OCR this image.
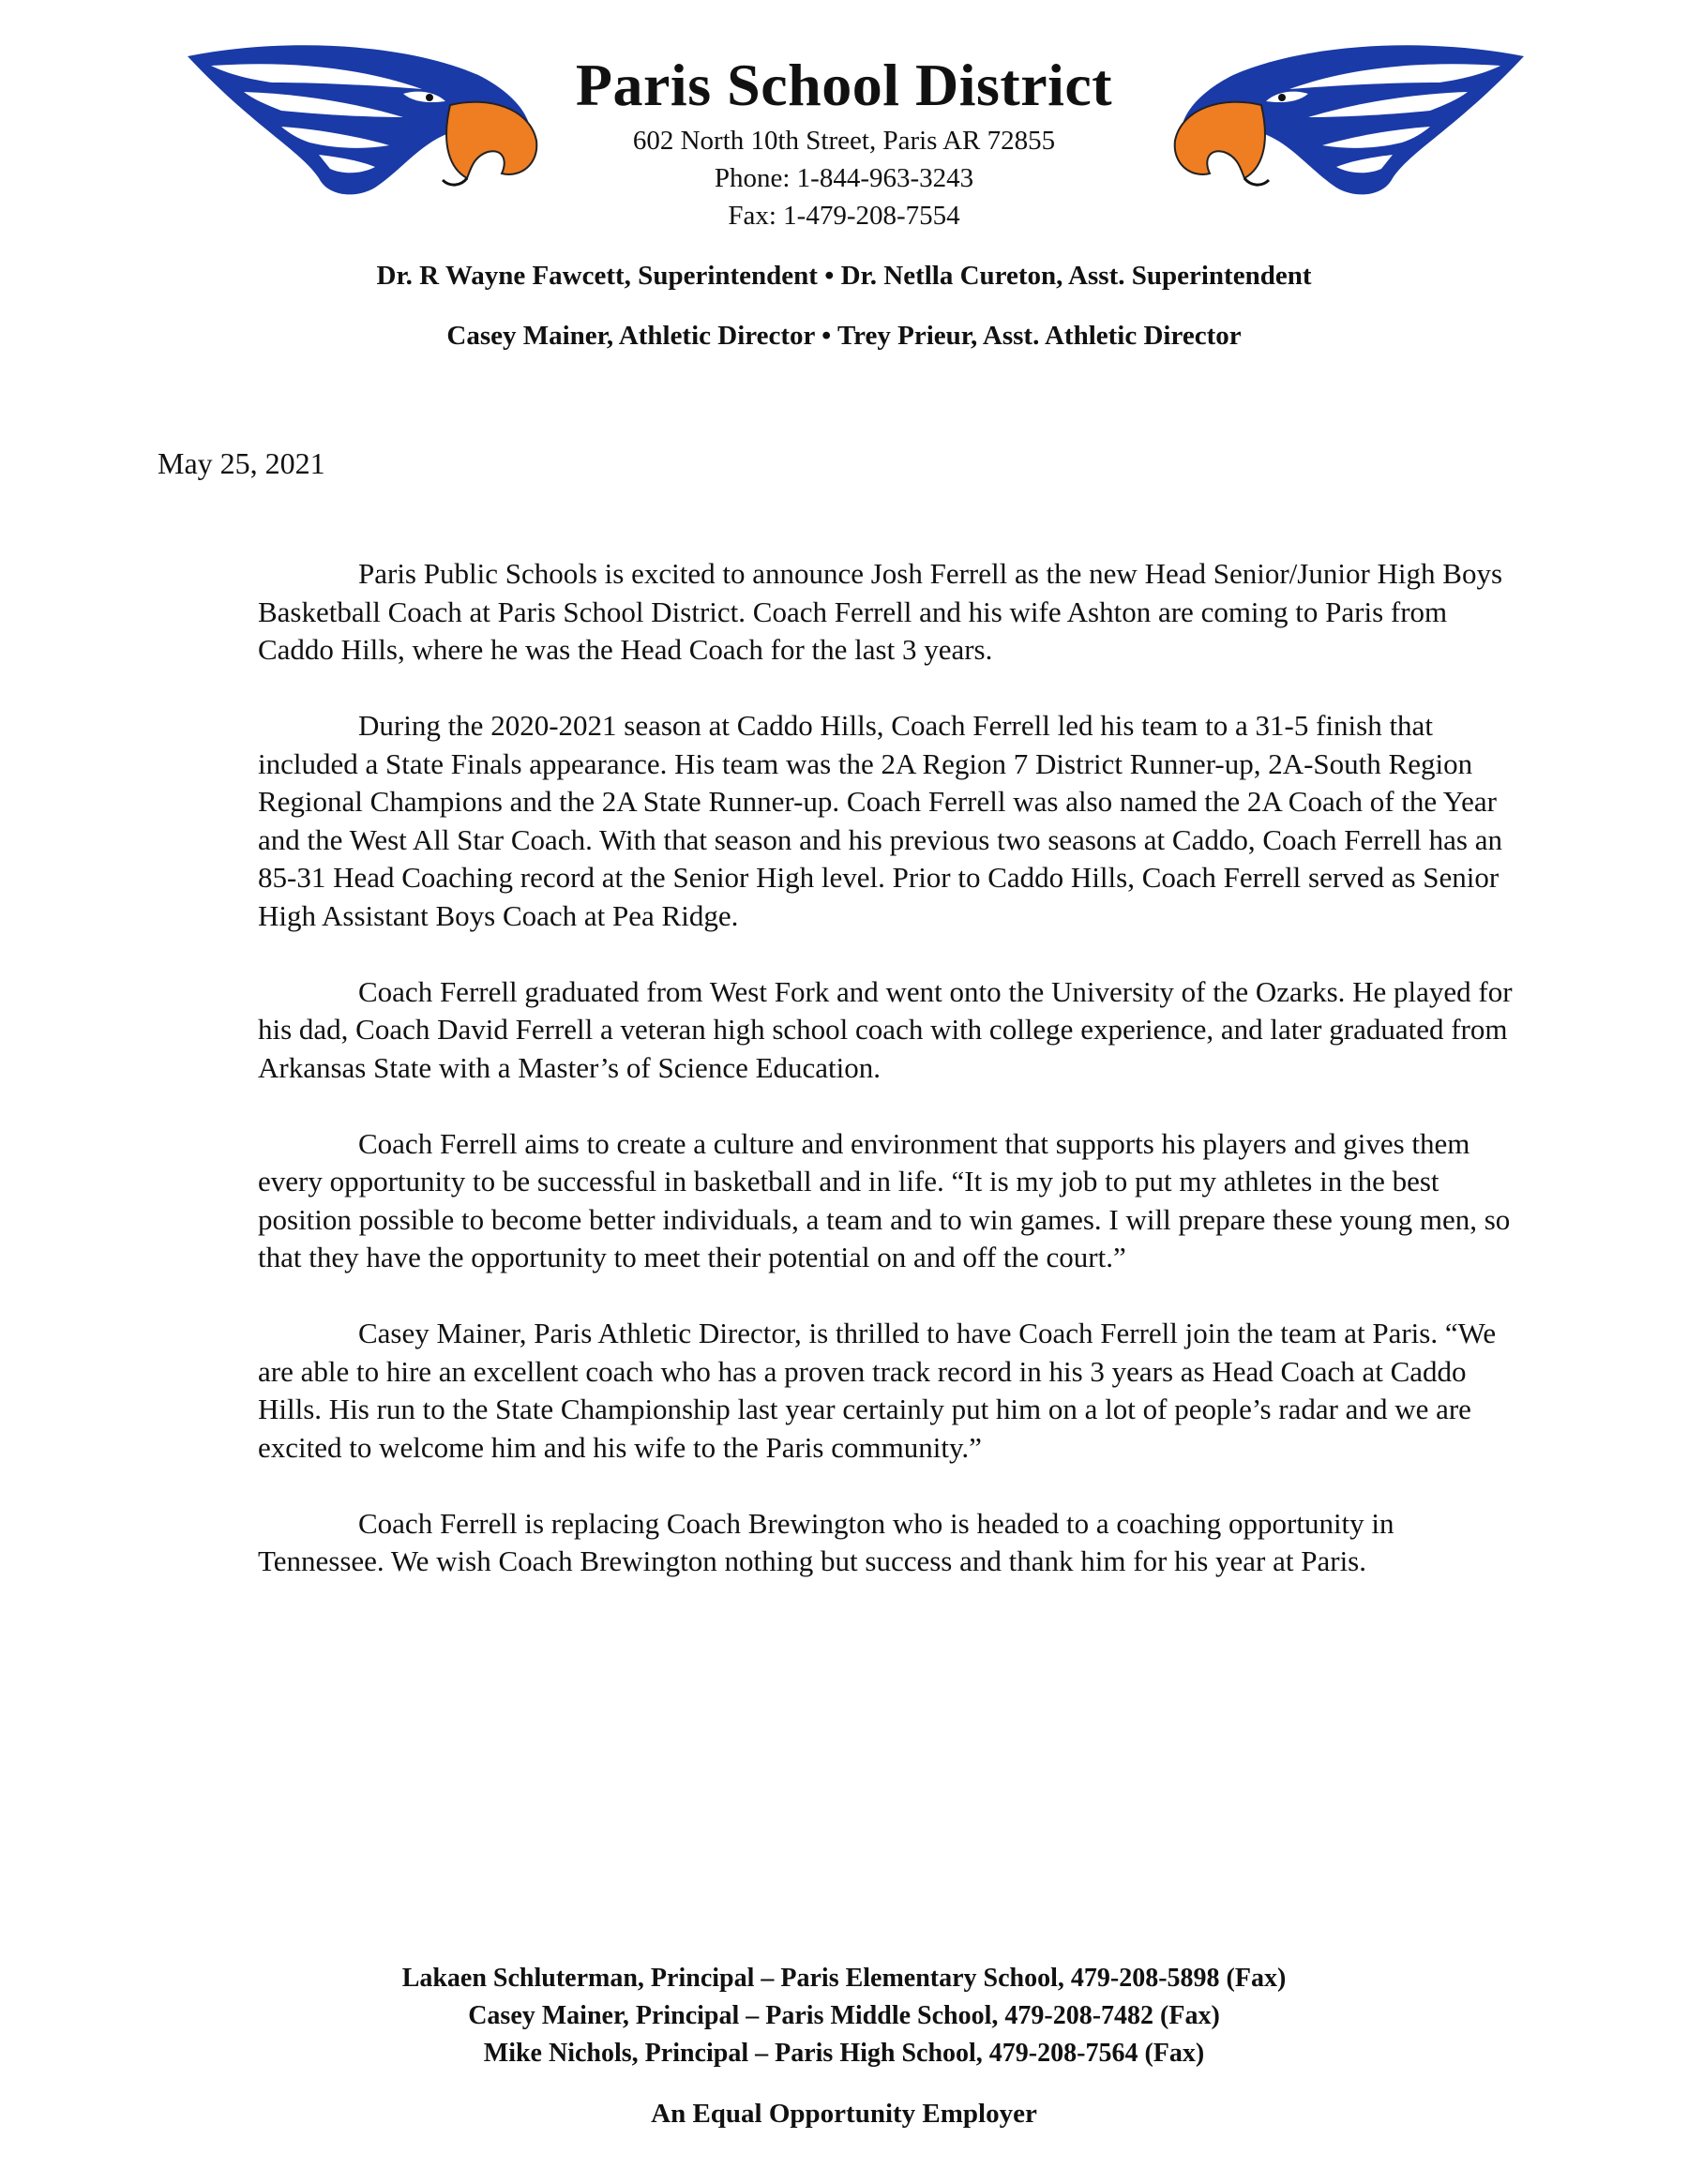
Paris School District
602 North 10th Street, Paris AR 72855
Phone: 1-844-963-3243
Fax: 1-479-208-7554
Dr. R Wayne Fawcett, Superintendent • Dr. Netlla Cureton, Asst. Superintendent
Casey Mainer, Athletic Director • Trey Prieur, Asst. Athletic Director
May 25, 2021

Paris Public Schools is excited to announce Josh Ferrell as the new Head Senior/Junior High Boys Basketball Coach at Paris School District. Coach Ferrell and his wife Ashton are coming to Paris from Caddo Hills, where he was the Head Coach for the last 3 years.

During the 2020-2021 season at Caddo Hills, Coach Ferrell led his team to a 31-5 finish that included a State Finals appearance. His team was the 2A Region 7 District Runner-up, 2A-South Region Regional Champions and the 2A State Runner-up. Coach Ferrell was also named the 2A Coach of the Year and the West All Star Coach. With that season and his previous two seasons at Caddo, Coach Ferrell has an 85-31 Head Coaching record at the Senior High level. Prior to Caddo Hills, Coach Ferrell served as Senior High Assistant Boys Coach at Pea Ridge.

Coach Ferrell graduated from West Fork and went onto the University of the Ozarks. He played for his dad, Coach David Ferrell a veteran high school coach with college experience, and later graduated from Arkansas State with a Master’s of Science Education.

Coach Ferrell aims to create a culture and environment that supports his players and gives them every opportunity to be successful in basketball and in life. “It is my job to put my athletes in the best position possible to become better individuals, a team and to win games. I will prepare these young men, so that they have the opportunity to meet their potential on and off the court.”

Casey Mainer, Paris Athletic Director, is thrilled to have Coach Ferrell join the team at Paris. “We are able to hire an excellent coach who has a proven track record in his 3 years as Head Coach at Caddo Hills. His run to the State Championship last year certainly put him on a lot of people’s radar and we are excited to welcome him and his wife to the Paris community.”

Coach Ferrell is replacing Coach Brewington who is headed to a coaching opportunity in Tennessee. We wish Coach Brewington nothing but success and thank him for his year at Paris.

Lakaen Schluterman, Principal – Paris Elementary School, 479-208-5898 (Fax)
Casey Mainer, Principal – Paris Middle School, 479-208-7482 (Fax)
Mike Nichols, Principal – Paris High School, 479-208-7564 (Fax)
An Equal Opportunity Employer
